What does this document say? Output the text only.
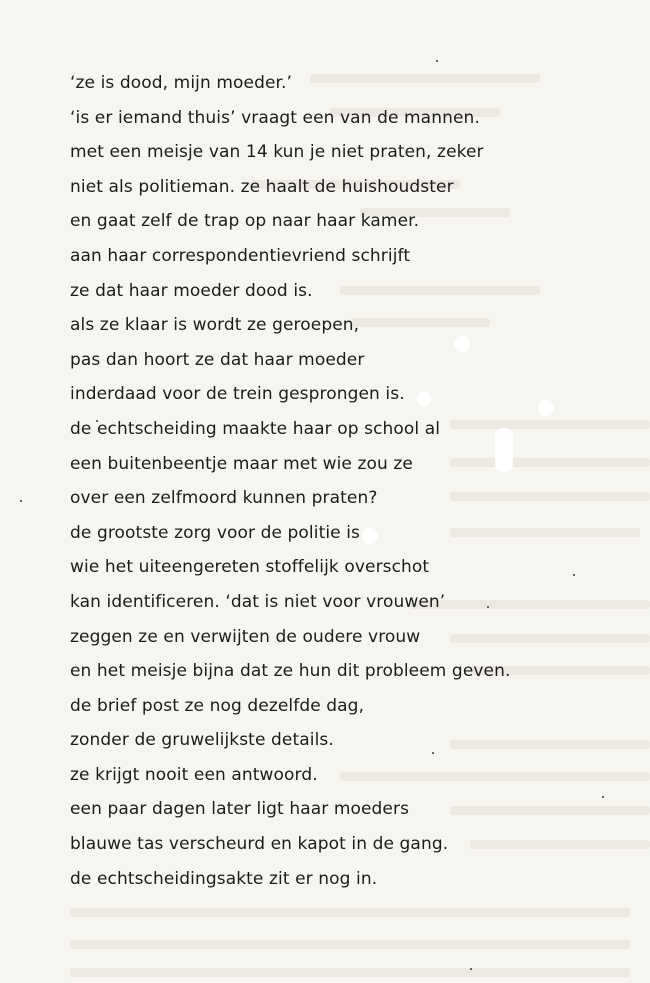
‘ze is dood, mijn moeder.’
‘is er iemand thuis’ vraagt een van de mannen.
met een meisje van 14 kun je niet praten, zeker
niet als politieman. ze haalt de huishoudster
en gaat zelf de trap op naar haar kamer.
aan haar correspondentievriend schrijft
ze dat haar moeder dood is.
als ze klaar is wordt ze geroepen,
pas dan hoort ze dat haar moeder
inderdaad voor de trein gesprongen is.
de echtscheiding maakte haar op school al
een buitenbeentje maar met wie zou ze
over een zelfmoord kunnen praten?
de grootste zorg voor de politie is
wie het uiteengereten stoffelijk overschot
kan identificeren. ‘dat is niet voor vrouwen’
zeggen ze en verwijten de oudere vrouw
en het meisje bijna dat ze hun dit probleem geven.
de brief post ze nog dezelfde dag,
zonder de gruwelijkste details.
ze krijgt nooit een antwoord.
een paar dagen later ligt haar moeders
blauwe tas verscheurd en kapot in de gang.
de echtscheidingsakte zit er nog in.
